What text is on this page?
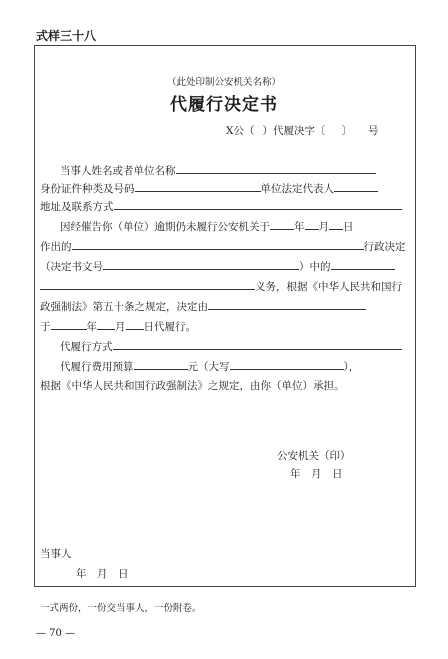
式样三十八
（此处印制公安机关名称）
代履行决定书
X公（ ）代履决字〔 〕 号
当事人姓名或者单位名称
身份证件种类及号码	单位法定代表人
地址及联系方式
因经催告你（单位）逾期仍未履行公安机关于 年 月 日
作出的	行政决定
（决定书文号	）中的
义务，根据《中华人民共和国行
政强制法》第五十条之规定，决定由
于	年 月 日代履行。
代履行方式
代履行费用预算	元（大写	），
根据《中华人民共和国行政强制法》之规定，由你（单位）承担。
公安机关（印）
年　月　日
当事人
年　月　日
一式两份，一份交当事人，一份附卷。
— 70 —
